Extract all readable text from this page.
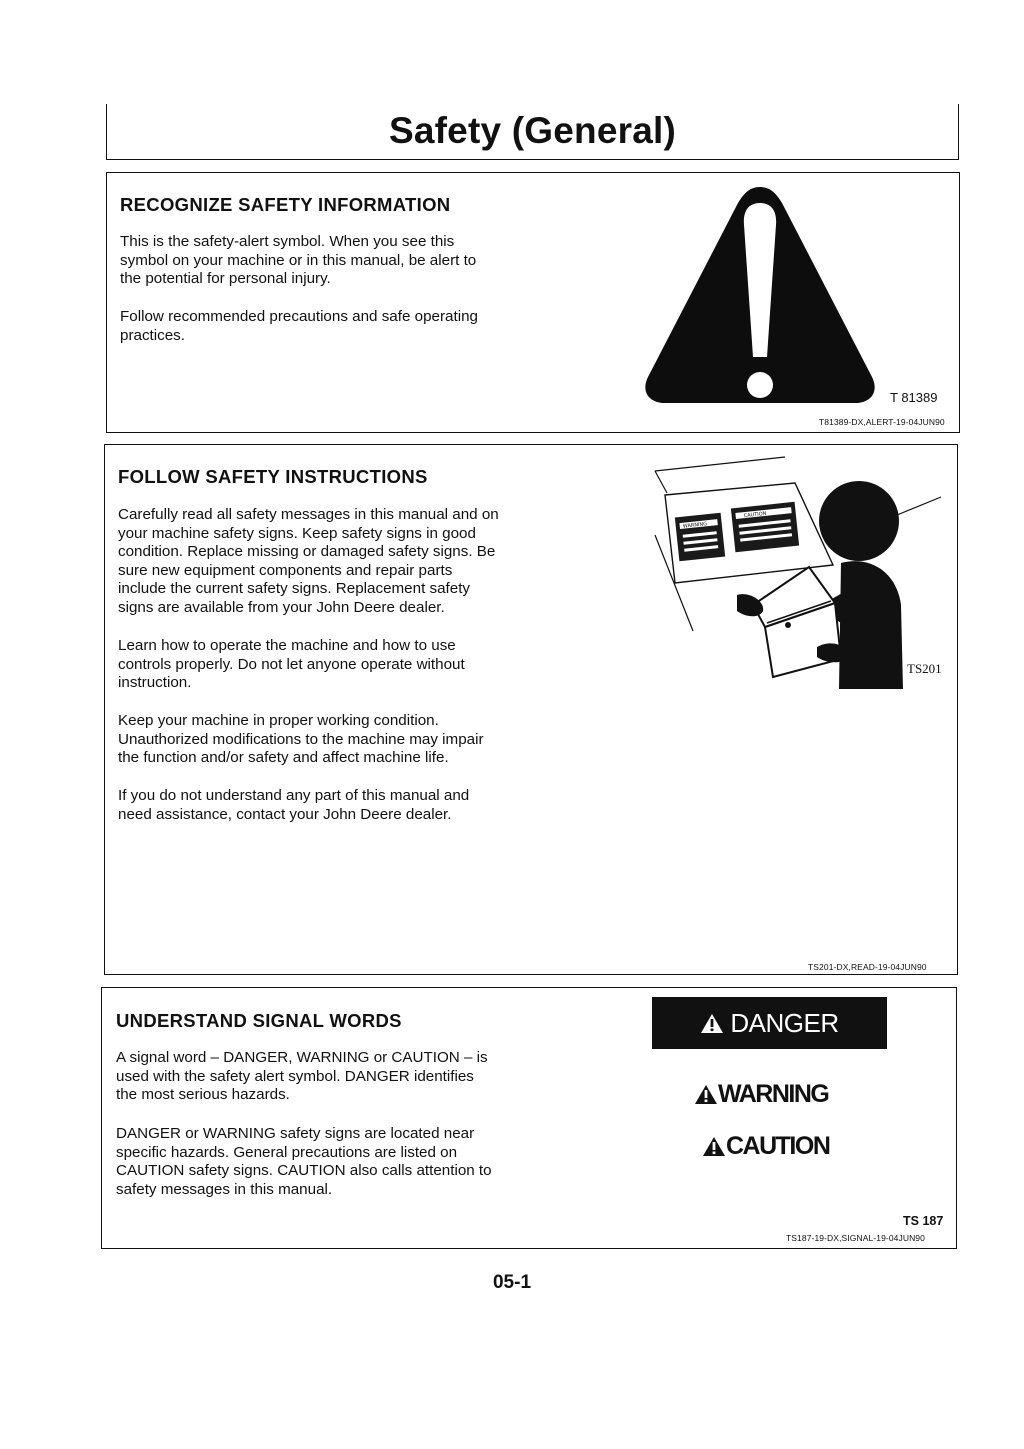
Safety (General)
RECOGNIZE SAFETY INFORMATION

This is the safety-alert symbol. When you see this
symbol on your machine or in this manual, be alert to
the potential for personal injury.

Follow recommended precautions and safe operating
practices.

T 81389
T81389-DX,ALERT-19-04JUN90
FOLLOW SAFETY INSTRUCTIONS

Carefully read all safety messages in this manual and on
your machine safety signs. Keep safety signs in good
condition. Replace missing or damaged safety signs. Be
sure new equipment components and repair parts
include the current safety signs. Replacement safety
signs are available from your John Deere dealer.

Learn how to operate the machine and how to use
controls properly. Do not let anyone operate without
instruction.

Keep your machine in proper working condition.
Unauthorized modifications to the machine may impair
the function and/or safety and affect machine life.

If you do not understand any part of this manual and
need assistance, contact your John Deere dealer.

WARNING
CAUTION
TS201
TS201-DX,READ-19-04JUN90
UNDERSTAND SIGNAL WORDS

A signal word – DANGER, WARNING or CAUTION – is
used with the safety alert symbol. DANGER identifies
the most serious hazards.

DANGER or WARNING safety signs are located near
specific hazards. General precautions are listed on
CAUTION safety signs. CAUTION also calls attention to
safety messages in this manual.

TS 187
TS187-19-DX,SIGNAL-19-04JUN90
DANGER
WARNING
CAUTION
05-1
